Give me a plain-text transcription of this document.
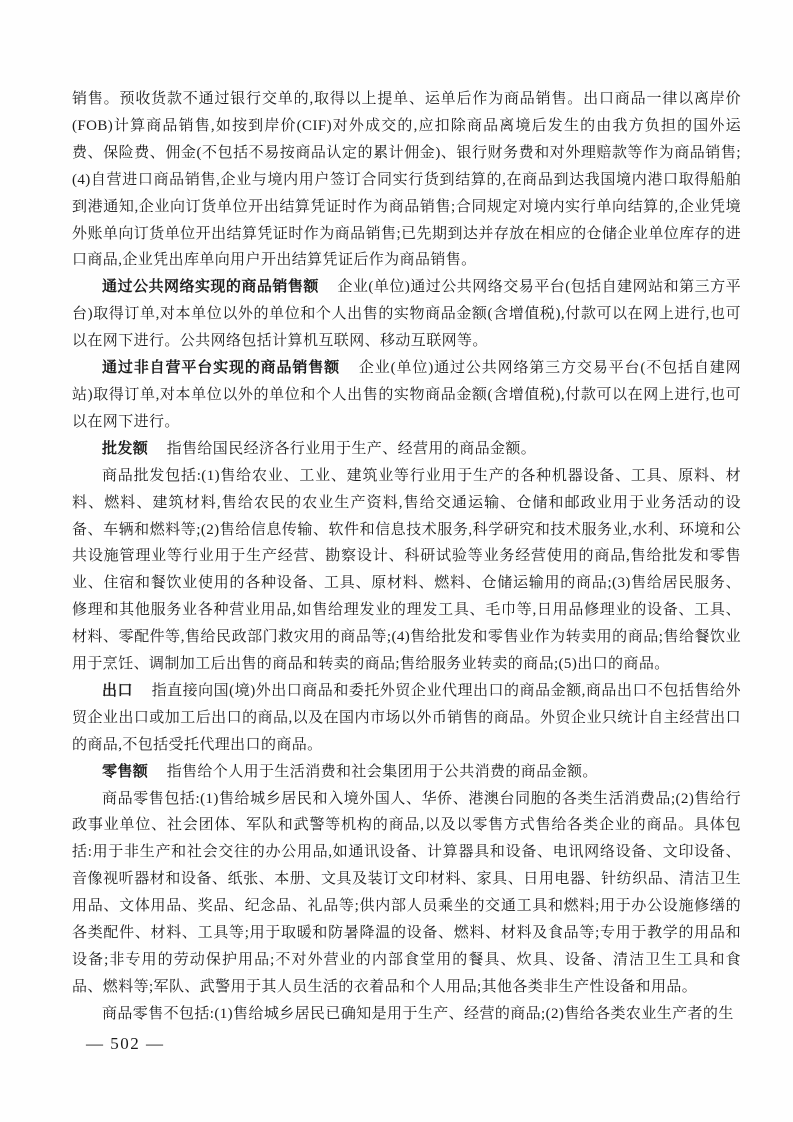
销售。预收货款不通过银行交单的,取得以上提单、运单后作为商品销售。出口商品一律以离岸价(FOB)计算商品销售,如按到岸价(CIF)对外成交的,应扣除商品离境后发生的由我方负担的国外运费、保险费、佣金(不包括不易按商品认定的累计佣金)、银行财务费和对外理赔款等作为商品销售;(4)自营进口商品销售,企业与境内用户签订合同实行货到结算的,在商品到达我国境内港口取得船舶到港通知,企业向订货单位开出结算凭证时作为商品销售;合同规定对境内实行单向结算的,企业凭境外账单向订货单位开出结算凭证时作为商品销售;已先期到达并存放在相应的仓储企业单位库存的进口商品,企业凭出库单向用户开出结算凭证后作为商品销售。

通过公共网络实现的商品销售额　企业(单位)通过公共网络交易平台(包括自建网站和第三方平台)取得订单,对本单位以外的单位和个人出售的实物商品金额(含增值税),付款可以在网上进行,也可以在网下进行。公共网络包括计算机互联网、移动互联网等。

通过非自营平台实现的商品销售额　企业(单位)通过公共网络第三方交易平台(不包括自建网站)取得订单,对本单位以外的单位和个人出售的实物商品金额(含增值税),付款可以在网上进行,也可以在网下进行。

批发额　指售给国民经济各行业用于生产、经营用的商品金额。

商品批发包括:(1)售给农业、工业、建筑业等行业用于生产的各种机器设备、工具、原料、材料、燃料、建筑材料,售给农民的农业生产资料,售给交通运输、仓储和邮政业用于业务活动的设备、车辆和燃料等;(2)售给信息传输、软件和信息技术服务,科学研究和技术服务业,水利、环境和公共设施管理业等行业用于生产经营、勘察设计、科研试验等业务经营使用的商品,售给批发和零售业、住宿和餐饮业使用的各种设备、工具、原材料、燃料、仓储运输用的商品;(3)售给居民服务、修理和其他服务业各种营业用品,如售给理发业的理发工具、毛巾等,日用品修理业的设备、工具、材料、零配件等,售给民政部门救灾用的商品等;(4)售给批发和零售业作为转卖用的商品;售给餐饮业用于烹饪、调制加工后出售的商品和转卖的商品;售给服务业转卖的商品;(5)出口的商品。

出口　指直接向国(境)外出口商品和委托外贸企业代理出口的商品金额,商品出口不包括售给外贸企业出口或加工后出口的商品,以及在国内市场以外币销售的商品。外贸企业只统计自主经营出口的商品,不包括受托代理出口的商品。

零售额　指售给个人用于生活消费和社会集团用于公共消费的商品金额。

商品零售包括:(1)售给城乡居民和入境外国人、华侨、港澳台同胞的各类生活消费品;(2)售给行政事业单位、社会团体、军队和武警等机构的商品,以及以零售方式售给各类企业的商品。具体包括:用于非生产和社会交往的办公用品,如通讯设备、计算器具和设备、电讯网络设备、文印设备、音像视听器材和设备、纸张、本册、文具及装订文印材料、家具、日用电器、针纺织品、清洁卫生用品、文体用品、奖品、纪念品、礼品等;供内部人员乘坐的交通工具和燃料;用于办公设施修缮的各类配件、材料、工具等;用于取暖和防暑降温的设备、燃料、材料及食品等;专用于教学的用品和设备;非专用的劳动保护用品;不对外营业的内部食堂用的餐具、炊具、设备、清洁卫生工具和食品、燃料等;军队、武警用于其人员生活的衣着品和个人用品;其他各类非生产性设备和用品。

商品零售不包括:(1)售给城乡居民已确知是用于生产、经营的商品;(2)售给各类农业生产者的生

— 502 —
